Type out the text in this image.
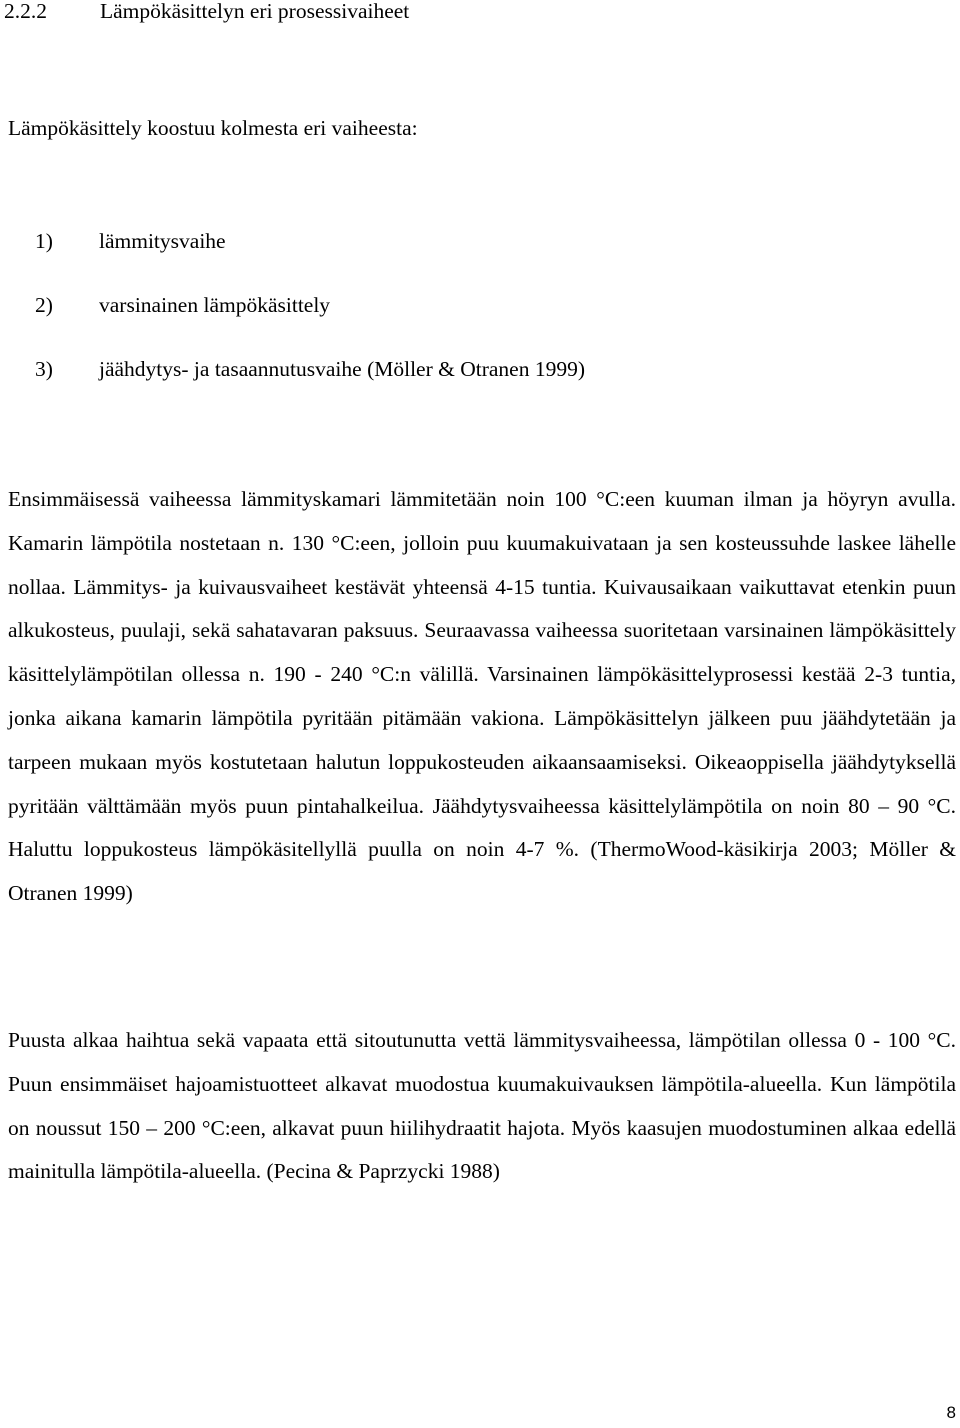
2.2.2 Lämpökäsittelyn eri prosessivaiheet
Lämpökäsittely koostuu kolmesta eri vaiheesta:
1) lämmitysvaihe
2) varsinainen lämpökäsittely
3) jäähdytys- ja tasaannutusvaihe (Möller & Otranen 1999)

Ensimmäisessä vaiheessa lämmityskamari lämmitetään noin 100 °C:een kuuman ilman ja höyryn avulla. Kamarin lämpötila nostetaan n. 130 °C:een, jolloin puu kuumakuivataan ja sen kosteussuhde laskee lähelle nollaa. Lämmitys- ja kuivausvaiheet kestävät yhteensä 4-15 tuntia. Kuivausaikaan vaikuttavat etenkin puun alkukosteus, puulaji, sekä sahatavaran paksuus. Seuraavassa vaiheessa suoritetaan varsinainen lämpökäsittely käsittelylämpötilan ollessa n. 190 - 240 °C:n välillä. Varsinainen lämpökäsittelyprosessi kestää 2-3 tuntia, jonka aikana kamarin lämpötila pyritään pitämään vakiona. Lämpökäsittelyn jälkeen puu jäähdytetään ja tarpeen mukaan myös kostutetaan halutun loppukosteuden aikaansaamiseksi. Oikeaoppisella jäähdytyksellä pyritään välttämään myös puun pintahalkeilua. Jäähdytysvaiheessa käsittelylämpötila on noin 80 – 90 °C. Haluttu loppukosteus lämpökäsitellyllä puulla on noin 4-7 %. (ThermoWood-käsikirja 2003; Möller & Otranen 1999)

Puusta alkaa haihtua sekä vapaata että sitoutunutta vettä lämmitysvaiheessa, lämpötilan ollessa 0 - 100 °C. Puun ensimmäiset hajoamistuotteet alkavat muodostua kuumakuivauksen lämpötila-alueella. Kun lämpötila on noussut 150 – 200 °C:een, alkavat puun hiilihydraatit hajota. Myös kaasujen muodostuminen alkaa edellä mainitulla lämpötila-alueella. (Pecina & Paprzycki 1988)

8
